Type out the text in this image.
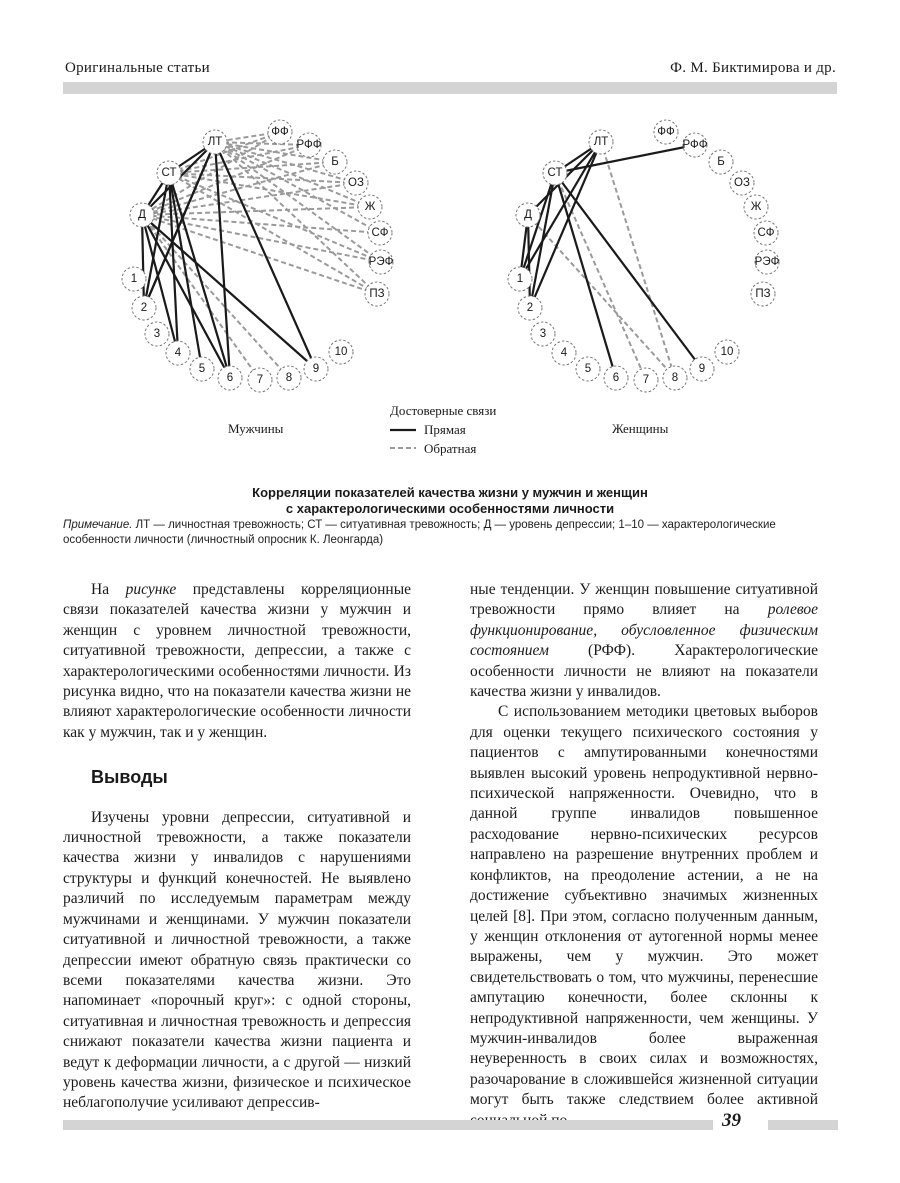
Оригинальные статьи	Ф. М. Биктимирова и др.
ЛТ
ФФ
РФФ
Б
ОЗ
Ж
СФ
РЭФ
ПЗ
10
9
8
7
6
5
4
3
2
1
Д
СТ
ЛТ
ФФ
РФФ
Б
ОЗ
Ж
СФ
РЭФ
ПЗ
10
9
8
7
6
5
4
3
2
1
Д
СТ
Мужчины	Женщины
Достоверные связи
Прямая
Обратная
Корреляции показателей качества жизни у мужчин и женщин
с характерологическими особенностями личности
Примечание. ЛТ — личностная тревожность; СТ — ситуативная тревожность; Д — уровень депрессии; 1–10 — характерологические особенности личности (личностный опросник К. Леонгарда)

На рисунке представлены корреляционные связи показателей качества жизни у мужчин и женщин с уровнем личностной тревожности, ситуативной тревожности, депрессии, а также с характерологическими особенностями личности. Из рисунка видно, что на показатели качества жизни не влияют характерологические особенности личности как у мужчин, так и у женщин.

Выводы

Изучены уровни депрессии, ситуативной и личностной тревожности, а также показатели качества жизни у инвалидов с нарушениями структуры и функций конечностей. Не выявлено различий по исследуемым параметрам между мужчинами и женщинами. У мужчин показатели ситуативной и личностной тревожности, а также депрессии имеют обратную связь практически со всеми показателями качества жизни. Это напоминает «порочный круг»: с одной стороны, ситуативная и личностная тревожность и депрессия снижают показатели качества жизни пациента и ведут к деформации личности, а с другой — низкий уровень качества жизни, физическое и психическое неблагополучие усиливают депрессив-

ные тенденции. У женщин повышение ситуативной тревожности прямо влияет на ролевое функционирование, обусловленное физическим состоянием (РФФ). Характерологические особенности личности не влияют на показатели качества жизни у инвалидов.

С использованием методики цветовых выборов для оценки текущего психического состояния у пациентов с ампутированными конечностями выявлен высокий уровень непродуктивной нервно-психической напряженности. Очевидно, что в данной группе инвалидов повышенное расходование нервно-психических ресурсов направлено на разрешение внутренних проблем и конфликтов, на преодоление астении, а не на достижение субъективно значимых жизненных целей [8]. При этом, согласно полученным данным, у женщин отклонения от аутогенной нормы менее выражены, чем у мужчин. Это может свидетельствовать о том, что мужчины, перенесшие ампутацию конечности, более склонны к непродуктивной напряженности, чем женщины. У мужчин-инвалидов более выраженная неуверенность в своих силах и возможностях, разочарование в сложившейся жизненной ситуации могут быть также следствием более активной

39
